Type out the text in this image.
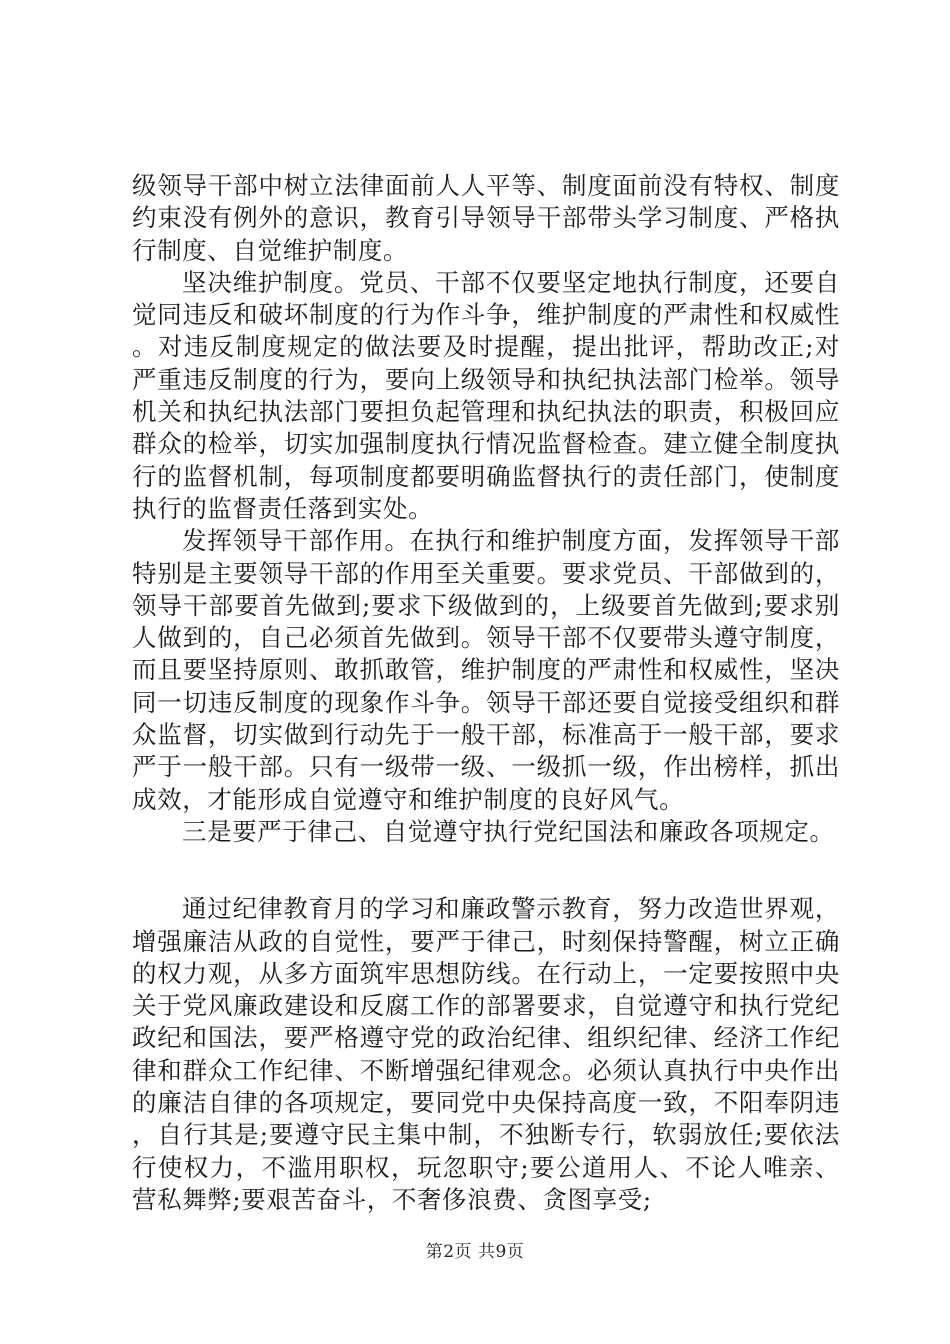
级领导干部中树立法律面前人人平等、制度面前没有特权、制度约束没有例外的意识，教育引导领导干部带头学习制度、严格执行制度、自觉维护制度。

坚决维护制度。党员、干部不仅要坚定地执行制度，还要自觉同违反和破坏制度的行为作斗争，维护制度的严肃性和权威性。对违反制度规定的做法要及时提醒，提出批评，帮助改正;对严重违反制度的行为，要向上级领导和执纪执法部门检举。领导机关和执纪执法部门要担负起管理和执纪执法的职责，积极回应群众的检举，切实加强制度执行情况监督检查。建立健全制度执行的监督机制，每项制度都要明确监督执行的责任部门，使制度执行的监督责任落到实处。

发挥领导干部作用。在执行和维护制度方面，发挥领导干部特别是主要领导干部的作用至关重要。要求党员、干部做到的，领导干部要首先做到;要求下级做到的，上级要首先做到;要求别人做到的，自己必须首先做到。领导干部不仅要带头遵守制度，而且要坚持原则、敢抓敢管，维护制度的严肃性和权威性，坚决同一切违反制度的现象作斗争。领导干部还要自觉接受组织和群众监督，切实做到行动先于一般干部，标准高于一般干部，要求严于一般干部。只有一级带一级、一级抓一级，作出榜样，抓出成效，才能形成自觉遵守和维护制度的良好风气。

三是要严于律己、自觉遵守执行党纪国法和廉政各项规定。

通过纪律教育月的学习和廉政警示教育，努力改造世界观，增强廉洁从政的自觉性，要严于律己，时刻保持警醒，树立正确的权力观，从多方面筑牢思想防线。在行动上，一定要按照中央关于党风廉政建设和反腐工作的部署要求，自觉遵守和执行党纪政纪和国法，要严格遵守党的政治纪律、组织纪律、经济工作纪律和群众工作纪律、不断增强纪律观念。必须认真执行中央作出的廉洁自律的各项规定，要同党中央保持高度一致，不阳奉阴违，自行其是;要遵守民主集中制，不独断专行，软弱放任;要依法行使权力，不滥用职权，玩忽职守;要公道用人、不论人唯亲、营私舞弊;要艰苦奋斗，不奢侈浪费、贪图享受;

第2页 共9页
